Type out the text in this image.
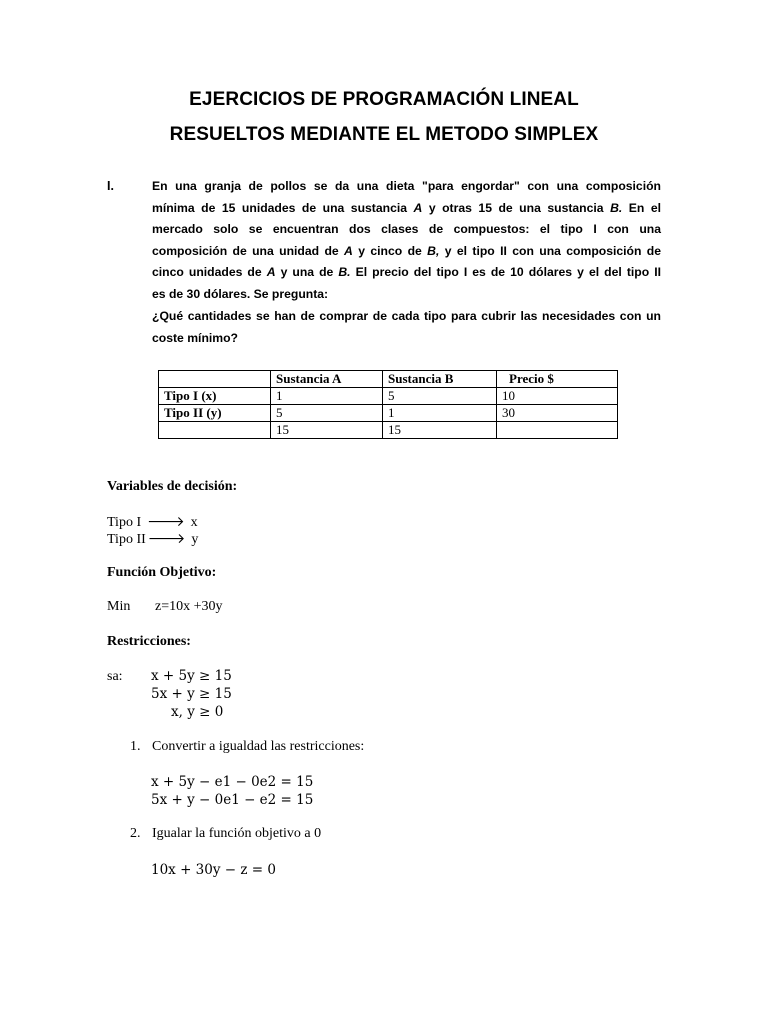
EJERCICIOS DE PROGRAMACIÓN LINEAL
RESUELTOS MEDIANTE EL METODO SIMPLEX
I.	En una granja de pollos se da una dieta "para engordar" con una composición
mínima de 15 unidades de una sustancia A y otras 15 de una sustancia B. En el
mercado solo se encuentran dos clases de compuestos: el tipo I con una
composición de una unidad de A y cinco de B, y el tipo II con una composición de
cinco unidades de A y una de B. El precio del tipo I es de 10 dólares y el del tipo II
es de 30 dólares. Se pregunta:
¿Qué cantidades se han de comprar de cada tipo para cubrir las necesidades con un
coste mínimo?
	Sustancia A	Sustancia B	Precio $
Tipo I (x)	1	5	10
Tipo II (y)	5	1	30
	15	15	
Variables de decisión:
Tipo I 🡒 x
Tipo II 🡒 y
Función Objetivo:
Min z=10x +30y
Restricciones:
sa: x + 5y ≥ 15
5x + y ≥ 15
x, y ≥ 0
1. Convertir a igualdad las restricciones:
x + 5y − e1 − 0e2 = 15
5x + y − 0e1 − e2 = 15
2. Igualar la función objetivo a 0
10x + 30y − z = 0
